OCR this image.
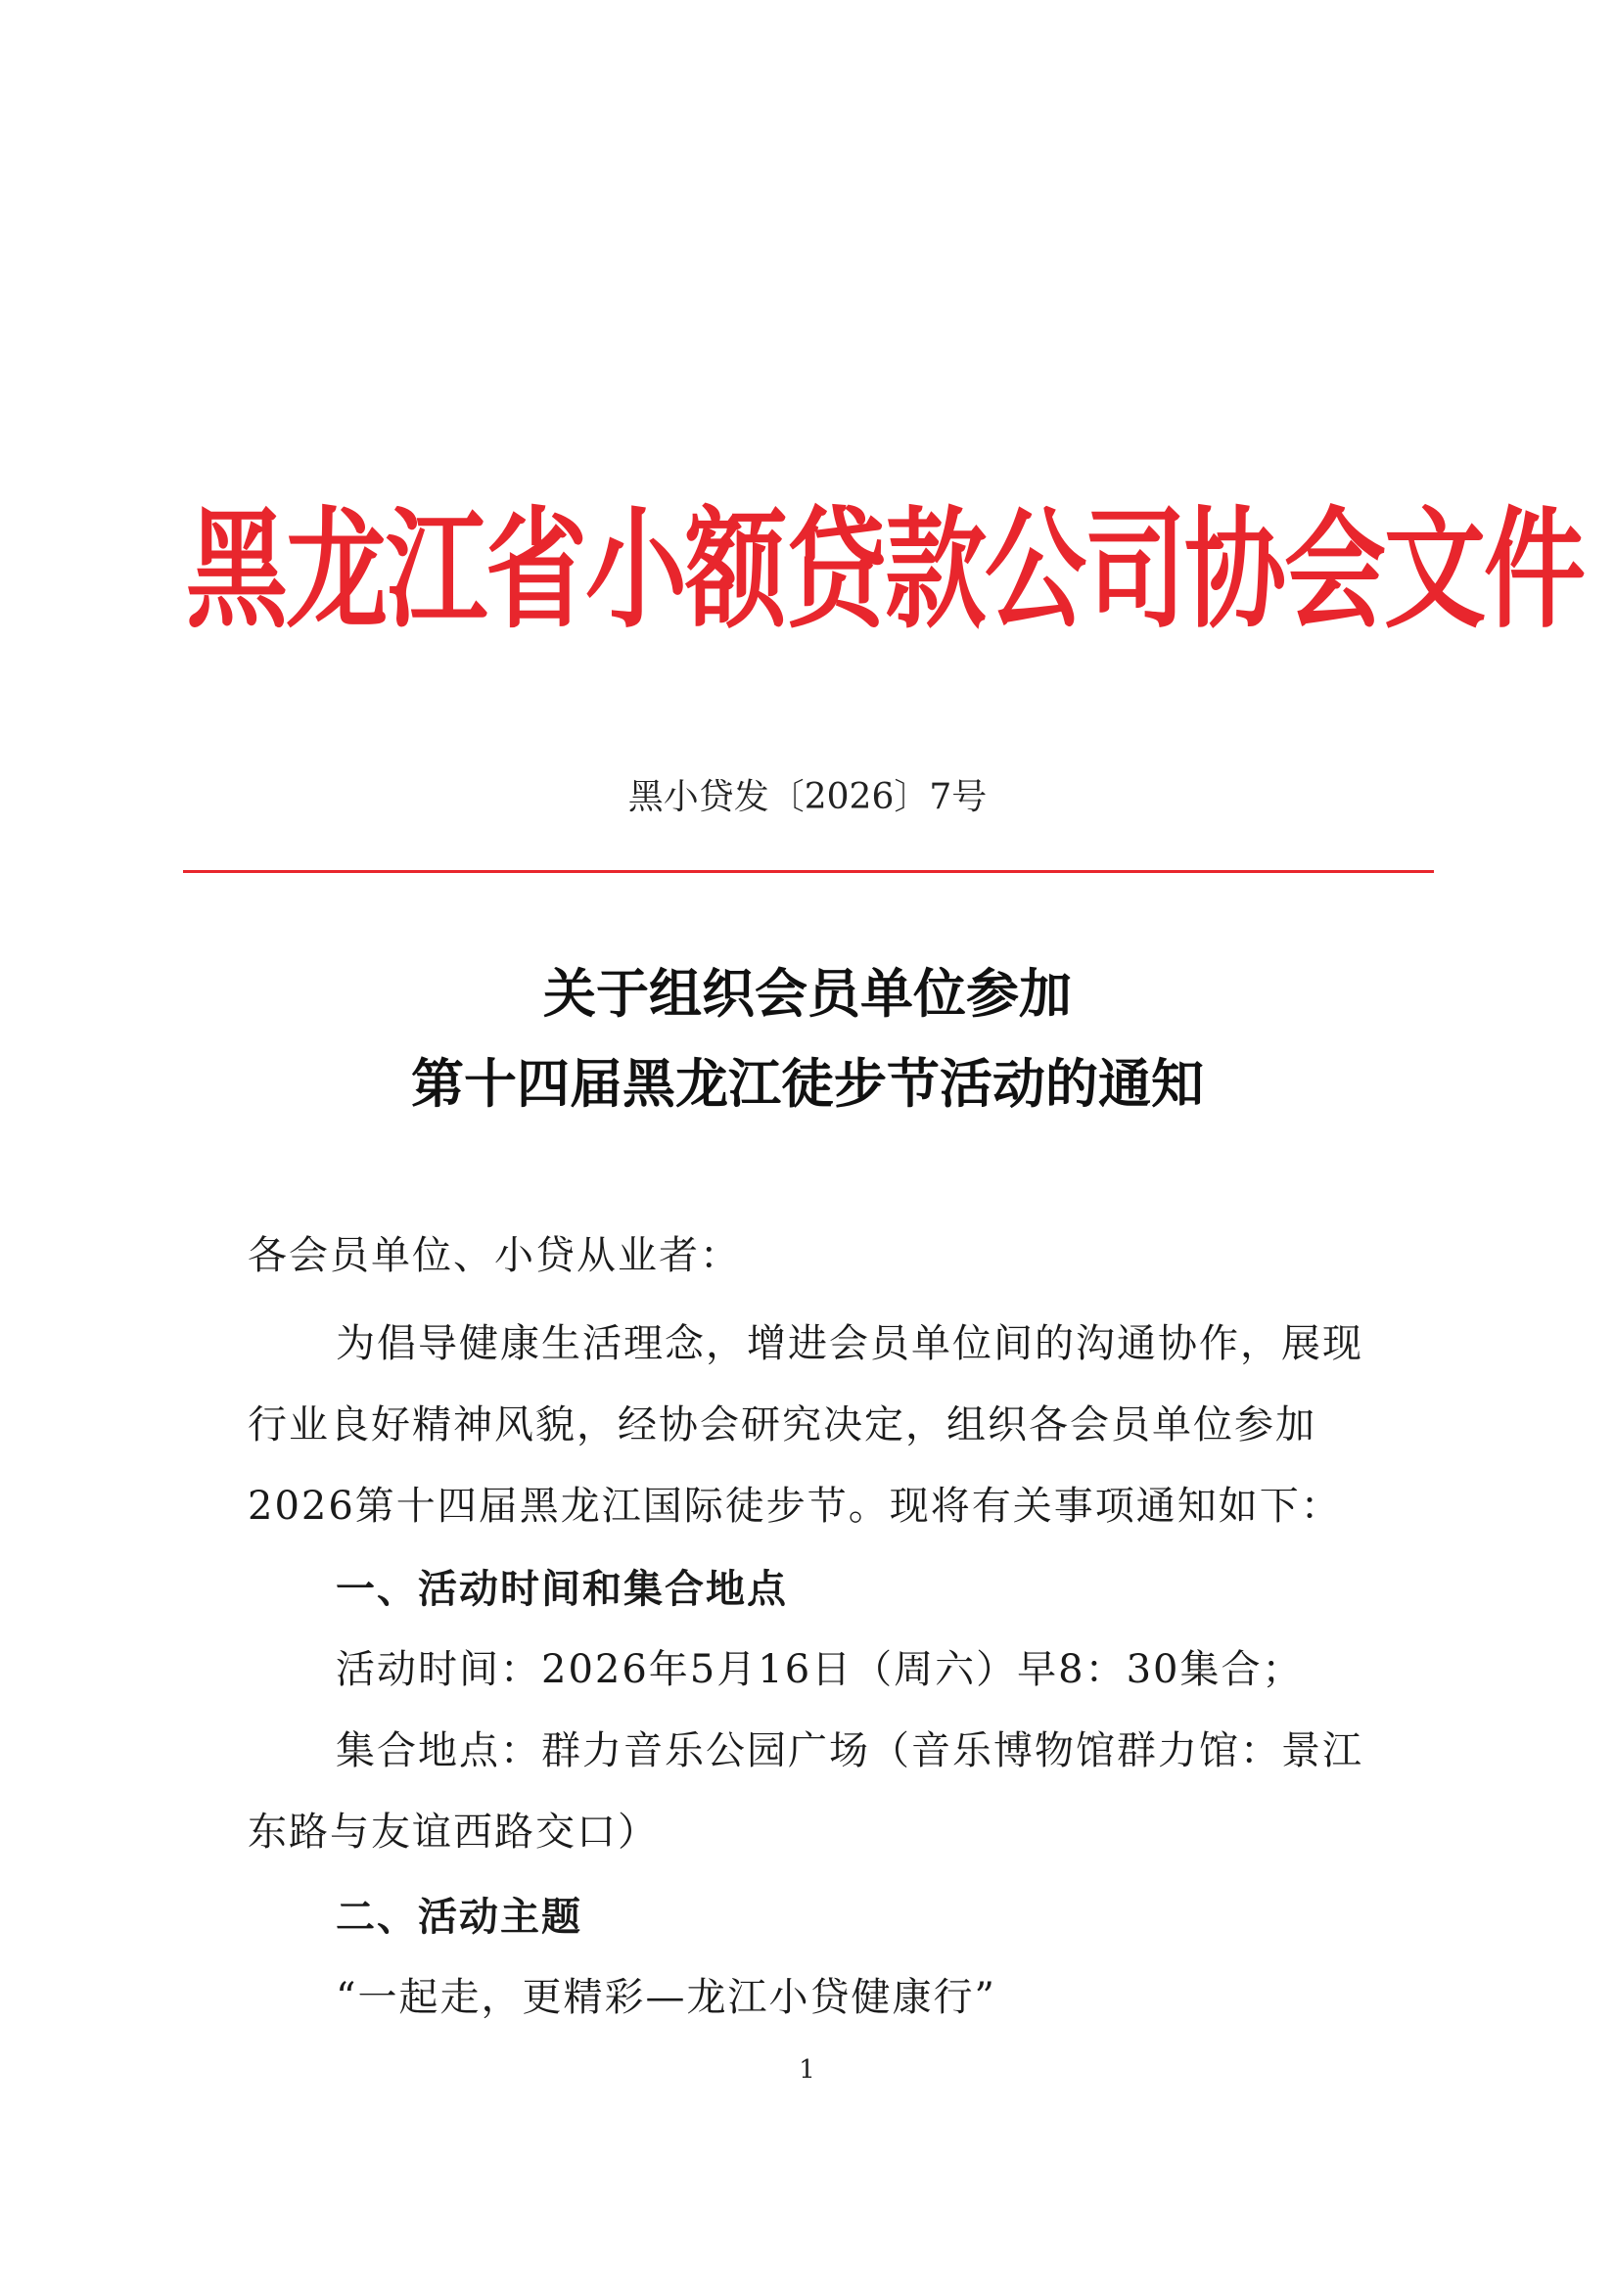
黑龙江省小额贷款公司协会文件
黑小贷发〔2026〕7号
关于组织会员单位参加
第十四届黑龙江徒步节活动的通知
各会员单位、小贷从业者：
为倡导健康生活理念，增进会员单位间的沟通协作，展现
行业良好精神风貌，经协会研究决定，组织各会员单位参加
2026第十四届黑龙江国际徒步节。现将有关事项通知如下：
一、活动时间和集合地点
活动时间：2026年5月16日（周六）早8：30集合；
集合地点：群力音乐公园广场（音乐博物馆群力馆：景江
东路与友谊西路交口）
二、活动主题
“一起走，更精彩—龙江小贷健康行”
1
